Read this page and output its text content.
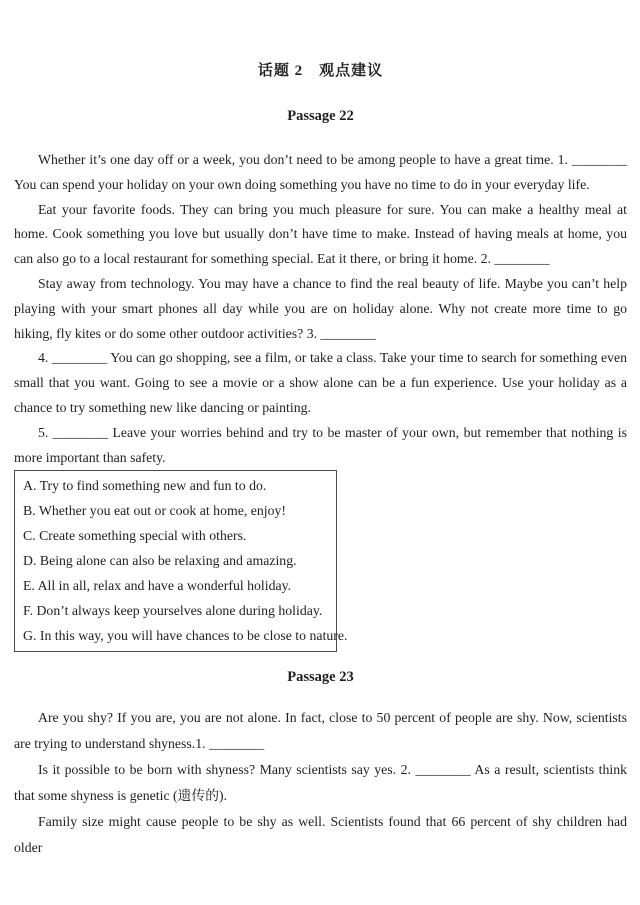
话题 2　观点建议
Passage 22

Whether it’s one day off or a week, you don’t need to be among people to have a great time. 1. ________ You can spend your holiday on your own doing something you have no time to do in your everyday life.

Eat your favorite foods. They can bring you much pleasure for sure. You can make a healthy meal at home. Cook something you love but usually don’t have time to make. Instead of having meals at home, you can also go to a local restaurant for something special. Eat it there, or bring it home. 2. ________

Stay away from technology. You may have a chance to find the real beauty of life. Maybe you can’t help playing with your smart phones all day while you are on holiday alone. Why not create more time to go hiking, fly kites or do some other outdoor activities? 3. ________

4. ________ You can go shopping, see a film, or take a class. Take your time to search for something even small that you want. Going to see a movie or a show alone can be a fun experience. Use your holiday as a chance to try something new like dancing or painting.

5. ________ Leave your worries behind and try to be master of your own, but remember that nothing is more important than safety.

A. Try to find something new and fun to do.

B. Whether you eat out or cook at home, enjoy!

C. Create something special with others.

D. Being alone can also be relaxing and amazing.

E. All in all, relax and have a wonderful holiday.

F. Don’t always keep yourselves alone during holiday.

G. In this way, you will have chances to be close to nature.

Passage 23

Are you shy? If you are, you are not alone. In fact, close to 50 percent of people are shy. Now, scientists are trying to understand shyness.1. ________

Is it possible to be born with shyness? Many scientists say yes. 2. ________ As a result, scientists think that some shyness is genetic (遗传的).

Family size might cause people to be shy as well. Scientists found that 66 percent of shy children had older
